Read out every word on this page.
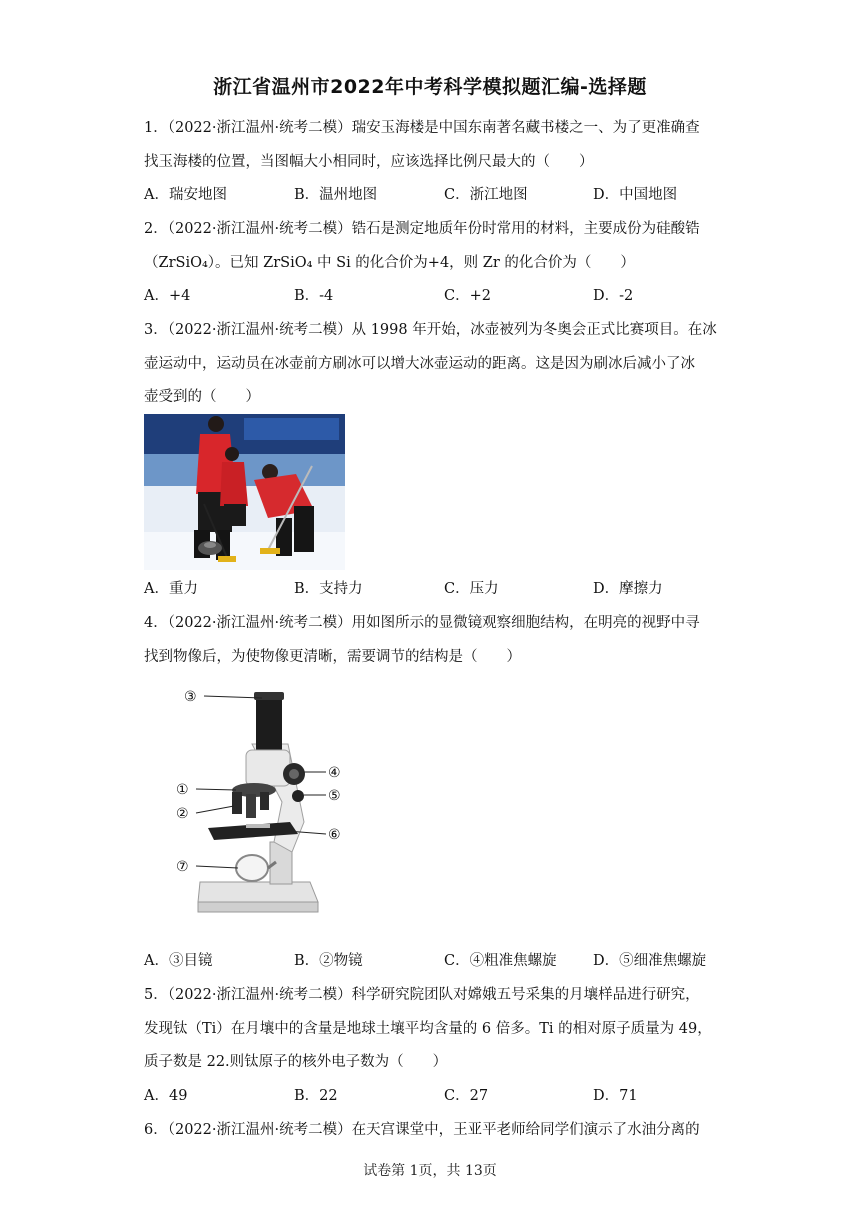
浙江省温州市2022年中考科学模拟题汇编-选择题
1．（2022·浙江温州·统考二模）瑞安玉海楼是中国东南著名藏书楼之一、为了更准确查
找玉海楼的位置，当图幅大小相同时，应该选择比例尺最大的（　　）
A．瑞安地图	B．温州地图	C．浙江地图	D．中国地图
2．（2022·浙江温州·统考二模）锆石是测定地质年份时常用的材料，主要成份为硅酸锆
（ZrSiO₄）。已知 ZrSiO₄ 中 Si 的化合价为+4，则 Zr 的化合价为（　　）
A．+4	B．-4	C．+2	D．-2
3．（2022·浙江温州·统考二模）从 1998 年开始，冰壶被列为冬奥会正式比赛项目。在冰
壶运动中，运动员在冰壶前方刷冰可以增大冰壶运动的距离。这是因为刷冰后减小了冰
壶受到的（　　）
A．重力	B．支持力	C．压力	D．摩擦力
4．（2022·浙江温州·统考二模）用如图所示的显微镜观察细胞结构，在明亮的视野中寻
找到物像后，为使物像更清晰，需要调节的结构是（　　）
③
①
②
⑦
④
⑤
⑥
A．③目镜	B．②物镜	C．④粗准焦螺旋	D．⑤细准焦螺旋
5．（2022·浙江温州·统考二模）科学研究院团队对嫦娥五号采集的月壤样品进行研究，
发现钛（Ti）在月壤中的含量是地球土壤平均含量的 6 倍多。Ti 的相对原子质量为 49，
质子数是 22.则钛原子的核外电子数为（　　）
A．49	B．22	C．27	D．71
6．（2022·浙江温州·统考二模）在天宫课堂中，王亚平老师给同学们演示了水油分离的
试卷第 1页，共 13页
